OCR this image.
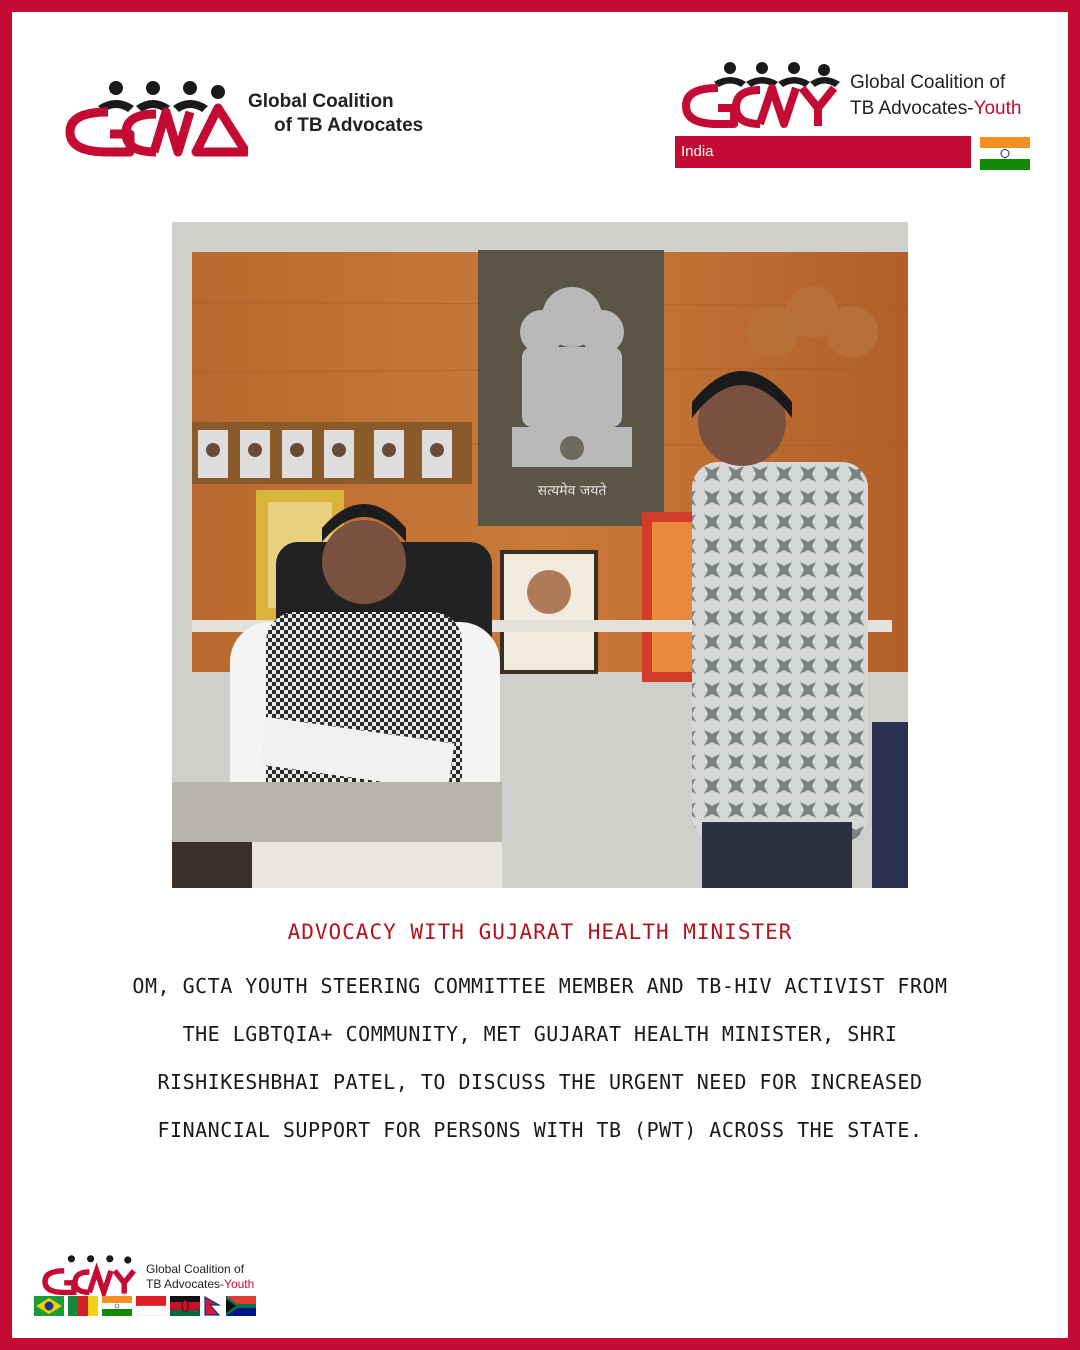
Global Coalition
of TB Advocates
Global Coalition of
TB Advocates-Youth
India
सत्यमेव जयते
ADVOCACY WITH GUJARAT HEALTH MINISTER
OM, GCTA YOUTH STEERING COMMITTEE MEMBER AND TB-HIV ACTIVIST FROM THE LGBTQIA+ COMMUNITY, MET GUJARAT HEALTH MINISTER, SHRI RISHIKESHBHAI PATEL, TO DISCUSS THE URGENT NEED FOR INCREASED FINANCIAL SUPPORT FOR PERSONS WITH TB (PWT) ACROSS THE STATE.
Global Coalition of
TB Advocates-Youth
